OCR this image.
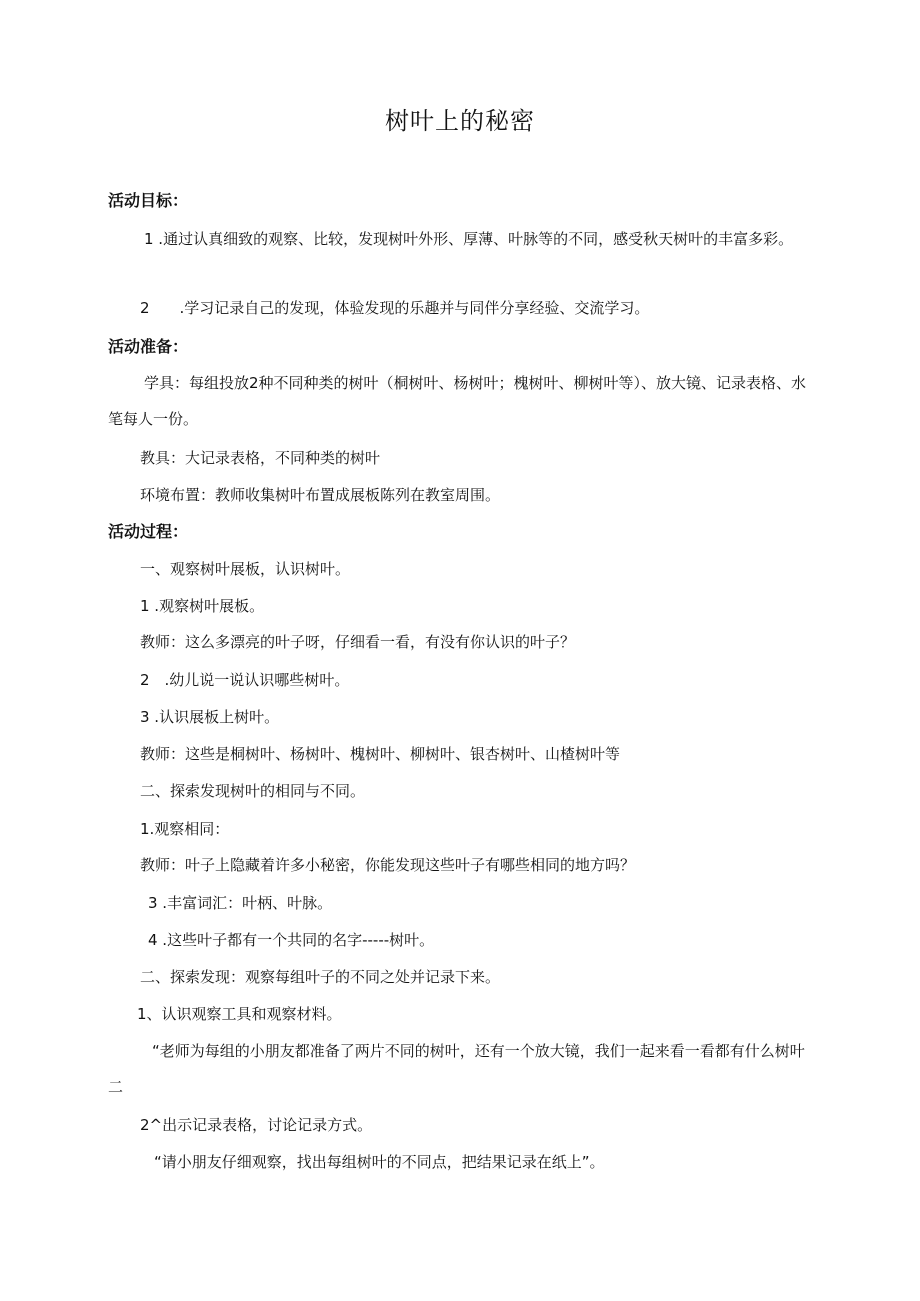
树叶上的秘密
活动目标：

1 .通过认真细致的观察、比较，发现树叶外形、厚薄、叶脉等的不同，感受秋天树叶的丰富多彩。

2　　.学习记录自己的发现，体验发现的乐趣并与同伴分享经验、交流学习。

活动准备：

学具：每组投放2种不同种类的树叶（桐树叶、杨树叶；槐树叶、柳树叶等）、放大镜、记录表格、水笔每人一份。

教具：大记录表格，不同种类的树叶

环境布置：教师收集树叶布置成展板陈列在教室周围。

活动过程：

一、观察树叶展板，认识树叶。

1 .观察树叶展板。

教师：这么多漂亮的叶子呀，仔细看一看，有没有你认识的叶子？

2　.幼儿说一说认识哪些树叶。

3 .认识展板上树叶。

教师：这些是桐树叶、杨树叶、槐树叶、柳树叶、银杏树叶、山楂树叶等

二、探索发现树叶的相同与不同。

1.观察相同：

教师：叶子上隐藏着许多小秘密，你能发现这些叶子有哪些相同的地方吗？

3 .丰富词汇：叶柄、叶脉。

4 .这些叶子都有一个共同的名字-----树叶。

二、探索发现：观察每组叶子的不同之处并记录下来。

1、认识观察工具和观察材料。

“老师为每组的小朋友都准备了两片不同的树叶，还有一个放大镜，我们一起来看一看都有什么树叶二

2^出示记录表格，讨论记录方式。

“请小朋友仔细观察，找出每组树叶的不同点，把结果记录在纸上”。
